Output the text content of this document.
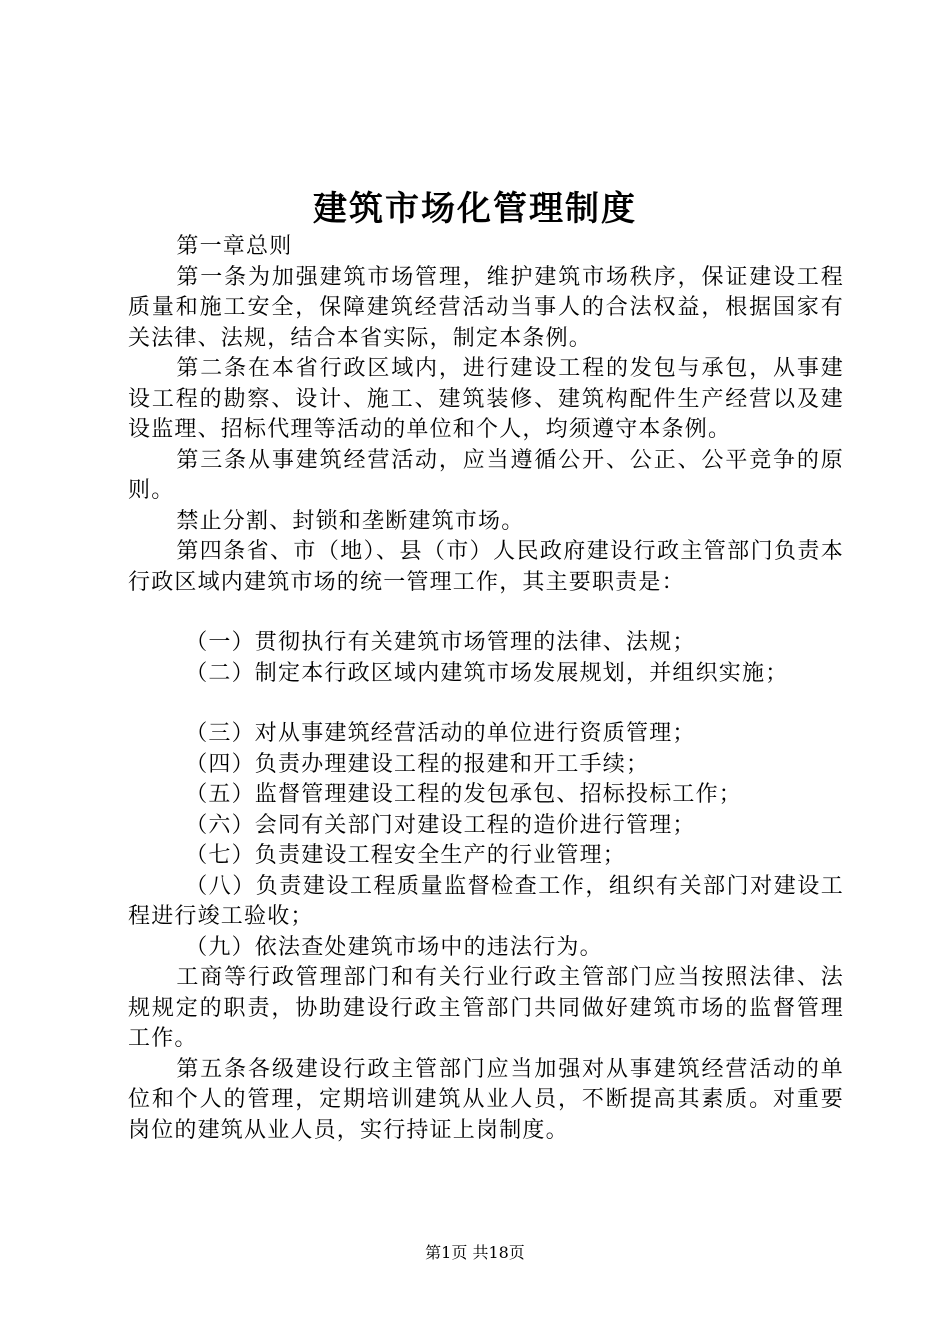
建筑市场化管理制度

第一章总则

第一条为加强建筑市场管理，维护建筑市场秩序，保证建设工程质量和施工安全，保障建筑经营活动当事人的合法权益，根据国家有关法律、法规，结合本省实际，制定本条例。

第二条在本省行政区域内，进行建设工程的发包与承包，从事建设工程的勘察、设计、施工、建筑装修、建筑构配件生产经营以及建设监理、招标代理等活动的单位和个人，均须遵守本条例。

第三条从事建筑经营活动，应当遵循公开、公正、公平竞争的原则。

禁止分割、封锁和垄断建筑市场。

第四条省、市（地）、县（市）人民政府建设行政主管部门负责本行政区域内建筑市场的统一管理工作，其主要职责是：

（一）贯彻执行有关建筑市场管理的法律、法规；

（二）制定本行政区域内建筑市场发展规划，并组织实施；

（三）对从事建筑经营活动的单位进行资质管理；

（四）负责办理建设工程的报建和开工手续；

（五）监督管理建设工程的发包承包、招标投标工作；

（六）会同有关部门对建设工程的造价进行管理；

（七）负责建设工程安全生产的行业管理；

（八）负责建设工程质量监督检查工作，组织有关部门对建设工程进行竣工验收；

（九）依法查处建筑市场中的违法行为。

工商等行政管理部门和有关行业行政主管部门应当按照法律、法规规定的职责，协助建设行政主管部门共同做好建筑市场的监督管理工作。

第五条各级建设行政主管部门应当加强对从事建筑经营活动的单位和个人的管理，定期培训建筑从业人员，不断提高其素质。对重要岗位的建筑从业人员，实行持证上岗制度。

第1页 共18页
